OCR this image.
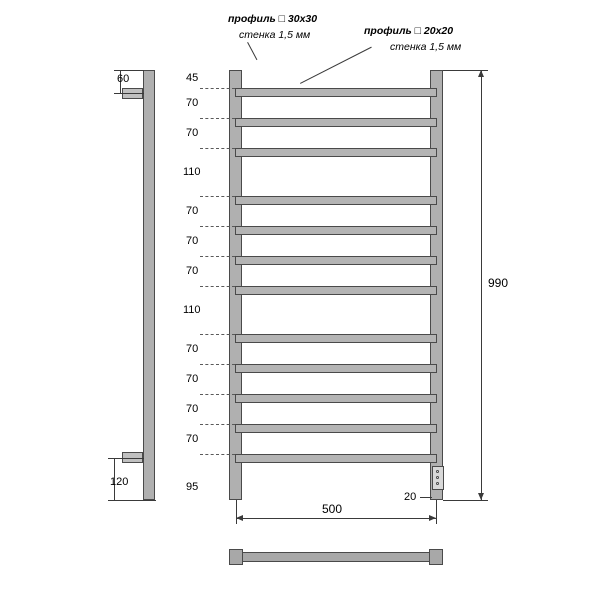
профиль □ 30x30
стенка 1,5 мм	профиль □ 20x20
стенка 1,5 мм
60
120
45
70
70
110
70
70
70
110
70
70
70
70
95
990
500
20
